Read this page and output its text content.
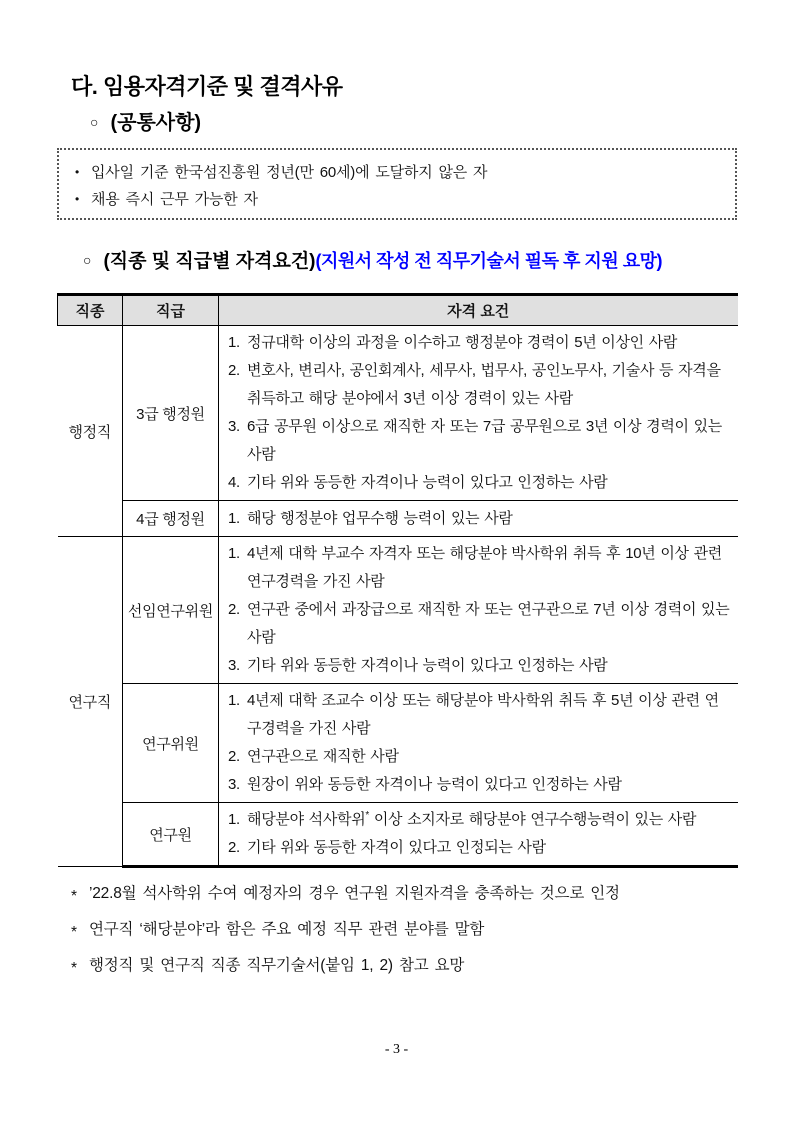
다. 임용자격기준 및 결격사유
○ (공통사항)
• 입사일 기준 한국섬진흥원 정년(만 60세)에 도달하지 않은 자
• 채용 즉시 근무 가능한 자
○ (직종 및 직급별 자격요건)(지원서 작성 전 직무기술서 필독 후 지원 요망)
직종	직급	자격 요건
행정직	3급 행정원	
1. 정규대학 이상의 과정을 이수하고 행정분야 경력이 5년 이상인 사람
2. 변호사, 변리사, 공인회계사, 세무사, 법무사, 공인노무사, 기술사 등 자격을 취득하고 해당 분야에서 3년 이상 경력이 있는 사람
3. 6급 공무원 이상으로 재직한 자 또는 7급 공무원으로 3년 이상 경력이 있는 사람
4. 기타 위와 동등한 자격이나 능력이 있다고 인정하는 사람

	4급 행정원	1. 해당 행정분야 업무수행 능력이 있는 사람

연구직	선임연구위원	
1. 4년제 대학 부교수 자격자 또는 해당분야 박사학위 취득 후 10년 이상 관련 연구경력을 가진 사람
2. 연구관 중에서 과장급으로 재직한 자 또는 연구관으로 7년 이상 경력이 있는 사람
3. 기타 위와 동등한 자격이나 능력이 있다고 인정하는 사람

연구위원	
1. 4년제 대학 조교수 이상 또는 해당분야 박사학위 취득 후 5년 이상 관련 연구경력을 가진 사람
2. 연구관으로 재직한 사람
3. 원장이 위와 동등한 자격이나 능력이 있다고 인정하는 사람

	연구원	1. 해당분야 석사학위* 이상 소지자로 해당분야 연구수행능력이 있는 사람
2. 기타 위와 동등한 자격이 있다고 인정되는 사람
* ’22.8월 석사학위 수여 예정자의 경우 연구원 지원자격을 충족하는 것으로 인정
* 연구직 ‘해당분야’라 함은 주요 예정 직무 관련 분야를 말함
* 행정직 및 연구직 직종 직무기술서(붙임 1, 2) 참고 요망
- 3 -
